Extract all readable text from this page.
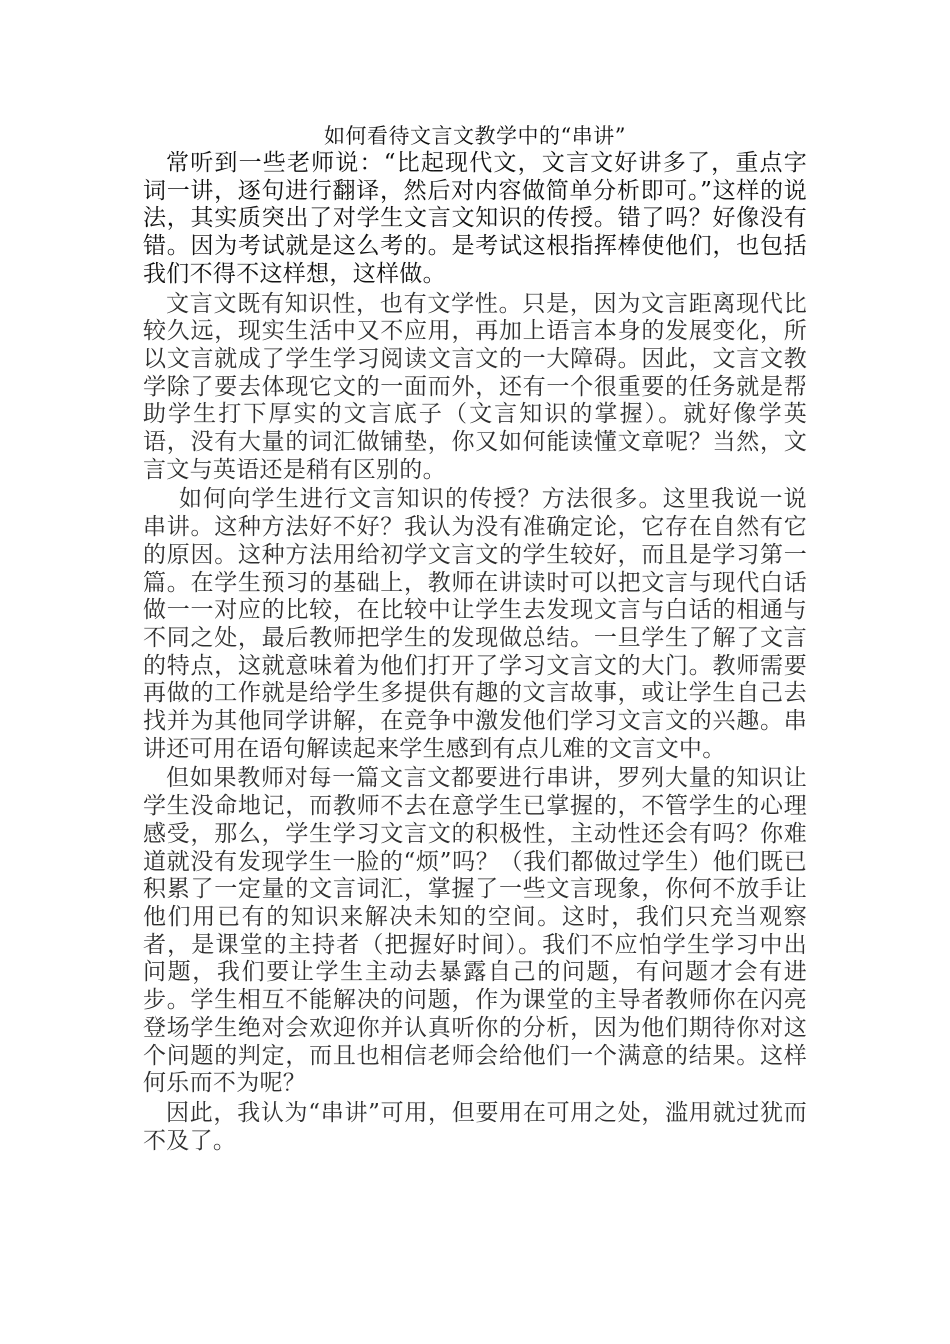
如何看待文言文教学中的“串讲”

常听到一些老师说：“比起现代文，文言文好讲多了，重点字词一讲，逐句进行翻译，然后对内容做简单分析即可。”这样的说法，其实质突出了对学生文言文知识的传授。错了吗？好像没有错。因为考试就是这么考的。是考试这根指挥棒使他们，也包括我们不得不这样想，这样做。

文言文既有知识性，也有文学性。只是，因为文言距离现代比较久远，现实生活中又不应用，再加上语言本身的发展变化，所以文言就成了学生学习阅读文言文的一大障碍。因此，文言文教学除了要去体现它文的一面而外，还有一个很重要的任务就是帮助学生打下厚实的文言底子（文言知识的掌握）。就好像学英语，没有大量的词汇做铺垫，你又如何能读懂文章呢？当然，文言文与英语还是稍有区别的。

如何向学生进行文言知识的传授？方法很多。这里我说一说串讲。这种方法好不好？我认为没有准确定论，它存在自然有它的原因。这种方法用给初学文言文的学生较好，而且是学习第一篇。在学生预习的基础上，教师在讲读时可以把文言与现代白话做一一对应的比较，在比较中让学生去发现文言与白话的相通与不同之处，最后教师把学生的发现做总结。一旦学生了解了文言的特点，这就意味着为他们打开了学习文言文的大门。教师需要再做的工作就是给学生多提供有趣的文言故事，或让学生自己去找并为其他同学讲解，在竞争中激发他们学习文言文的兴趣。串讲还可用在语句解读起来学生感到有点儿难的文言文中。

但如果教师对每一篇文言文都要进行串讲，罗列大量的知识让学生没命地记，而教师不去在意学生已掌握的，不管学生的心理感受，那么，学生学习文言文的积极性，主动性还会有吗？你难道就没有发现学生一脸的“烦”吗？（我们都做过学生）他们既已积累了一定量的文言词汇，掌握了一些文言现象，你何不放手让他们用已有的知识来解决未知的空间。这时，我们只充当观察者，是课堂的主持者（把握好时间）。我们不应怕学生学习中出问题，我们要让学生主动去暴露自己的问题，有问题才会有进步。学生相互不能解决的问题，作为课堂的主导者教师你在闪亮登场学生绝对会欢迎你并认真听你的分析，因为他们期待你对这个问题的判定，而且也相信老师会给他们一个满意的结果。这样何乐而不为呢？

因此，我认为“串讲”可用，但要用在可用之处，滥用就过犹而不及了。
